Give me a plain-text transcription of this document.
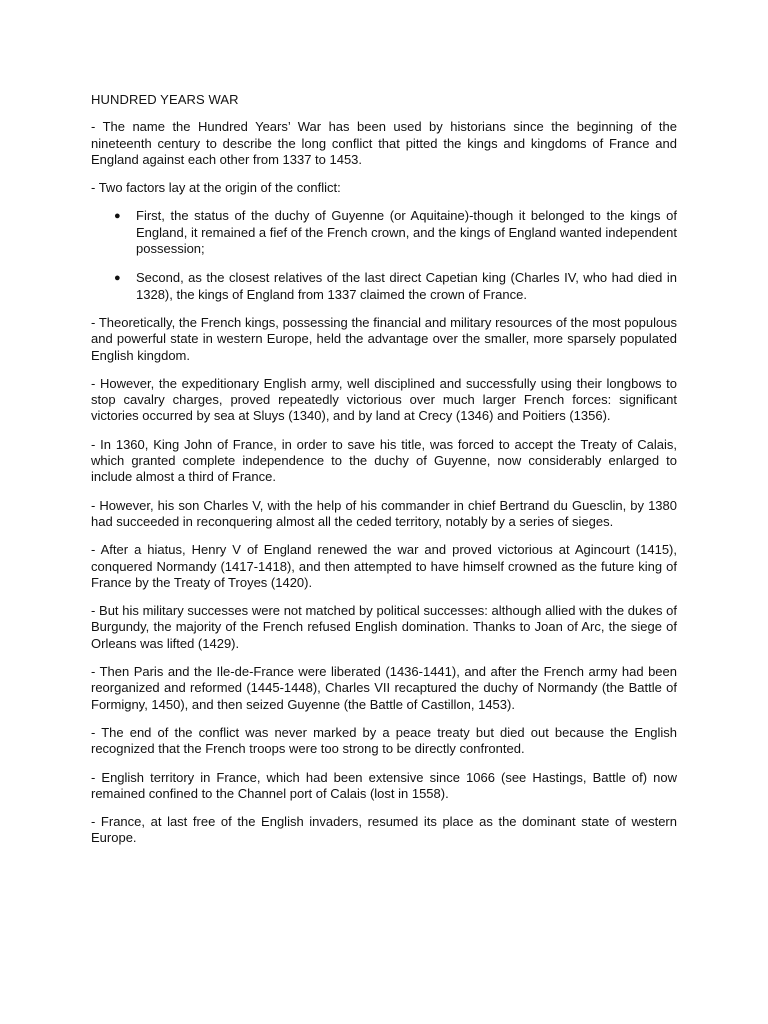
HUNDRED YEARS WAR

- The name the Hundred Years’ War has been used by historians since the beginning of the nineteenth century to describe the long conflict that pitted the kings and kingdoms of France and England against each other from 1337 to 1453.

- Two factors lay at the origin of the conflict:

● First, the status of the duchy of Guyenne (or Aquitaine)-though it belonged to the kings of England, it remained a fief of the French crown, and the kings of England wanted independent possession;
● Second, as the closest relatives of the last direct Capetian king (Charles IV, who had died in 1328), the kings of England from 1337 claimed the crown of France.

- Theoretically, the French kings, possessing the financial and military resources of the most populous and powerful state in western Europe, held the advantage over the smaller, more sparsely populated English kingdom.

- However, the expeditionary English army, well disciplined and successfully using their longbows to stop cavalry charges, proved repeatedly victorious over much larger French forces: significant victories occurred by sea at Sluys (1340), and by land at Crecy (1346) and Poitiers (1356).

- In 1360, King John of France, in order to save his title, was forced to accept the Treaty of Calais, which granted complete independence to the duchy of Guyenne, now considerably enlarged to include almost a third of France.

- However, his son Charles V, with the help of his commander in chief Bertrand du Guesclin, by 1380 had succeeded in reconquering almost all the ceded territory, notably by a series of sieges.

- After a hiatus, Henry V of England renewed the war and proved victorious at Agincourt (1415), conquered Normandy (1417-1418), and then attempted to have himself crowned as the future king of France by the Treaty of Troyes (1420).

- But his military successes were not matched by political successes: although allied with the dukes of Burgundy, the majority of the French refused English domination. Thanks to Joan of Arc, the siege of Orleans was lifted (1429).

- Then Paris and the Ile-de-France were liberated (1436-1441), and after the French army had been reorganized and reformed (1445-1448), Charles VII recaptured the duchy of Normandy (the Battle of Formigny, 1450), and then seized Guyenne (the Battle of Castillon, 1453).

- The end of the conflict was never marked by a peace treaty but died out because the English recognized that the French troops were too strong to be directly confronted.

- English territory in France, which had been extensive since 1066 (see Hastings, Battle of) now remained confined to the Channel port of Calais (lost in 1558).

- France, at last free of the English invaders, resumed its place as the dominant state of western Europe.
